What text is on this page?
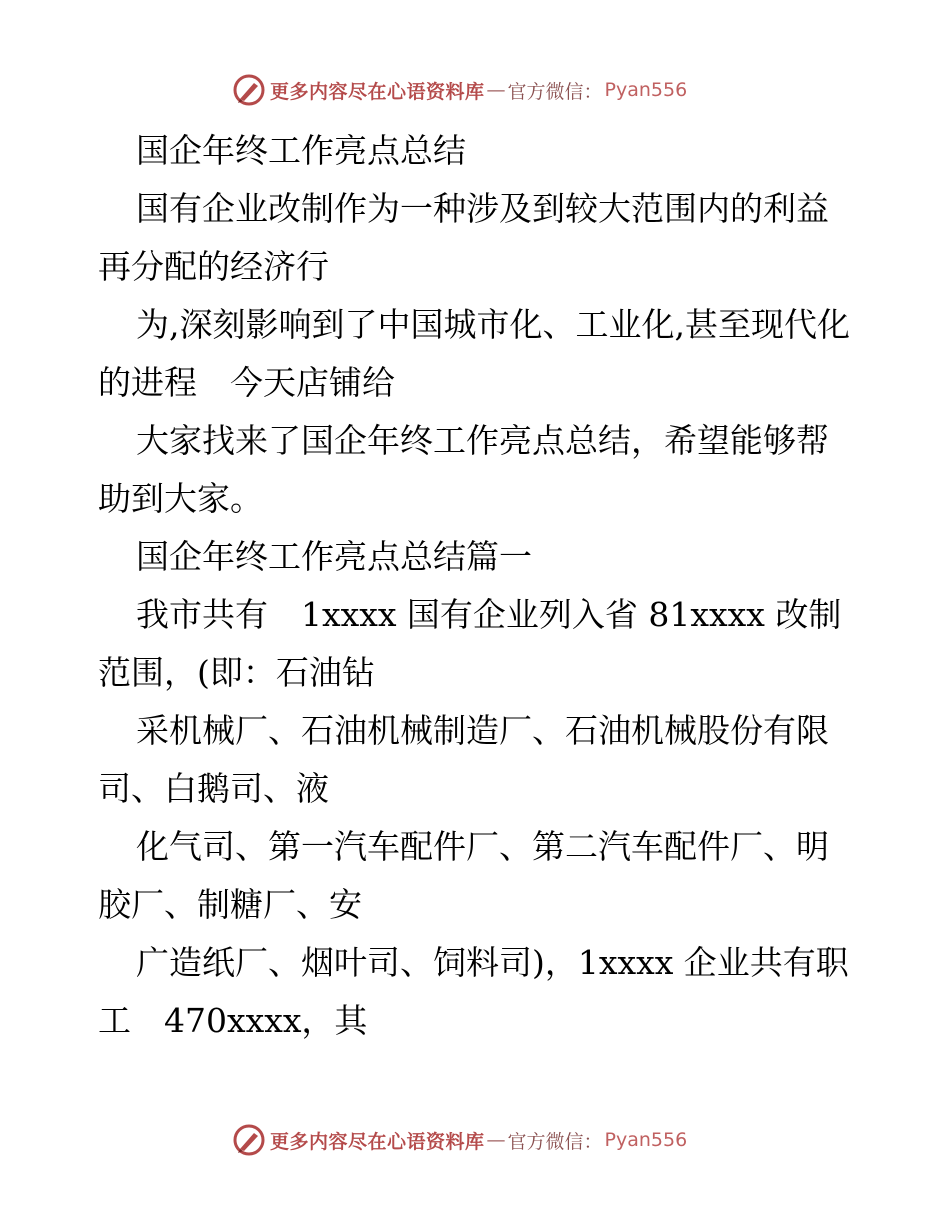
更多内容尽在心语资料库 — 官方微信： Pyan556

国企年终工作亮点总结

国有企业改制作为一种涉及到较大范围内的利益再分配的经济行

为,深刻影响到了中国城市化、工业化,甚至现代化的进程　今天店铺给

大家找来了国企年终工作亮点总结，希望能够帮助到大家。

国企年终工作亮点总结篇一

我市共有　1xxxx 国有企业列入省 81xxxx 改制范围，(即：石油钻

采机械厂、石油机械制造厂、石油机械股份有限司、白鹅司、液

化气司、第一汽车配件厂、第二汽车配件厂、明胶厂、制糖厂、安

广造纸厂、烟叶司、饲料司)，1xxxx 企业共有职工　470xxxx，其

更多内容尽在心语资料库 — 官方微信： Pyan556
